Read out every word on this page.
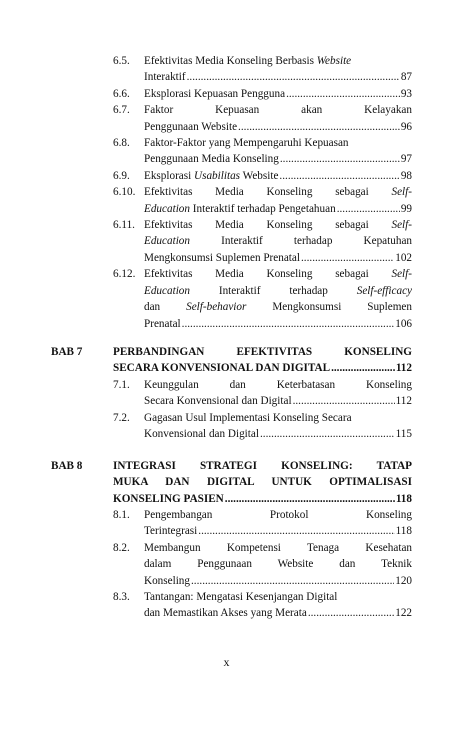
6.5. Efektivitas Media Konseling Berbasis Website
Interaktif .....	87
6.6. Eksplorasi Kepuasan Pengguna .....	93
6.7. Faktor Kepuasan akan Kelayakan
Penggunaan Website .....	96
6.8. Faktor-Faktor yang Mempengaruhi Kepuasan
Penggunaan Media Konseling .....	97
6.9. Eksplorasi Usabilitas Website .....	98
6.10. Efektivitas Media Konseling sebagai Self-
Education Interaktif terhadap Pengetahuan .....	99
6.11. Efektivitas Media Konseling sebagai Self-
Education	Interaktif terhadap Kepatuhan
Mengkonsumsi Suplemen Prenatal .....	102
6.12. Efektivitas Media Konseling sebagai Self-
Education	Interaktif terhadap	Self-efficacy
dan Self-behavior Mengkonsumsi Suplemen
Prenatal .....	106
BAB 7	PERBANDINGAN EFEKTIVITAS KONSELING
SECARA KONVENSIONAL DAN DIGITAL .....	112
7.1. Keunggulan dan Keterbatasan Konseling
Secara Konvensional dan Digital .....	112
7.2. Gagasan Usul Implementasi Konseling Secara
Konvensional dan Digital .....	115
BAB 8	INTEGRASI STRATEGI KONSELING: TATAP
MUKA DAN DIGITAL UNTUK OPTIMALISASI
KONSELING PASIEN .....	118
8.1. Pengembangan Protokol Konseling
Terintegrasi .....	118
8.2. Membangun Kompetensi Tenaga Kesehatan
dalam Penggunaan Website dan Teknik
Konseling .....	120
8.3. Tantangan: Mengatasi Kesenjangan Digital
dan Memastikan Akses yang Merata .....	122
x
